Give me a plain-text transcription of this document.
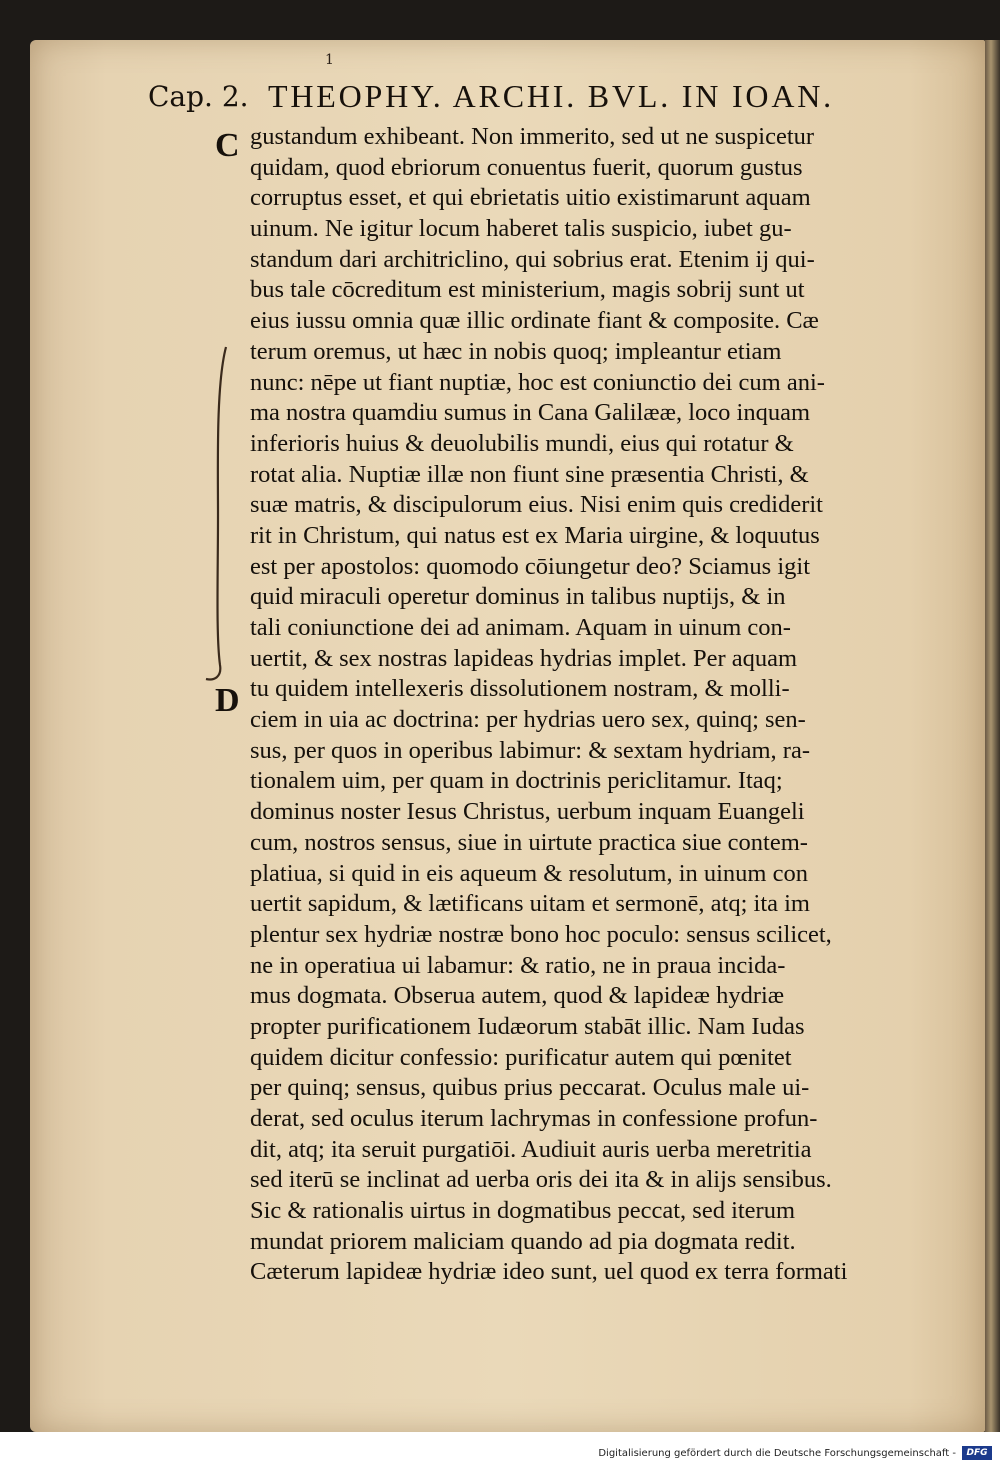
1
Cap. 2. THEOPHY. ARCHI. BVL. IN IOAN.
C
D
gustandum exhibeant. Non immerito, sed ut ne suspicetur
quidam, quod ebriorum conuentus fuerit, quorum gustus
corruptus esset, et qui ebrietatis uitio existimarunt aquam
uinum. Ne igitur locum haberet talis suspicio, iubet gu-
standum dari architriclino, qui sobrius erat. Etenim ij qui-
bus tale cōcreditum est ministerium, magis sobrij sunt ut
eius iussu omnia quæ illic ordinate fiant & composite. Cæ
terum oremus, ut hæc in nobis quoq; impleantur etiam
nunc: nēpe ut fiant nuptiæ, hoc est coniunctio dei cum ani-
ma nostra quamdiu sumus in Cana Galilææ, loco inquam
inferioris huius & deuolubilis mundi, eius qui rotatur &
rotat alia. Nuptiæ illæ non fiunt sine præsentia Christi, &
suæ matris, & discipulorum eius. Nisi enim quis crediderit
rit in Christum, qui natus est ex Maria uirgine, & loquutus
est per apostolos: quomodo cōiungetur deo? Sciamus igit
quid miraculi operetur dominus in talibus nuptijs, & in
tali coniunctione dei ad animam. Aquam in uinum con-
uertit, & sex nostras lapideas hydrias implet. Per aquam
tu quidem intellexeris dissolutionem nostram, & molli-
ciem in uia ac doctrina: per hydrias uero sex, quinq; sen-
sus, per quos in operibus labimur: & sextam hydriam, ra-
tionalem uim, per quam in doctrinis periclitamur. Itaq;
dominus noster Iesus Christus, uerbum inquam Euangeli
cum, nostros sensus, siue in uirtute practica siue contem-
platiua, si quid in eis aqueum & resolutum, in uinum con
uertit sapidum, & lætificans uitam et sermonē, atq; ita im
plentur sex hydriæ nostræ bono hoc poculo: sensus scilicet,
ne in operatiua ui labamur: & ratio, ne in praua incida-
mus dogmata. Obserua autem, quod & lapideæ hydriæ
propter purificationem Iudæorum stabāt illic. Nam Iudas
quidem dicitur confessio: purificatur autem qui pœnitet
per quinq; sensus, quibus prius peccarat. Oculus male ui-
derat, sed oculus iterum lachrymas in confessione profun-
dit, atq; ita seruit purgatiōi. Audiuit auris uerba meretritia
sed iterū se inclinat ad uerba oris dei ita & in alijs sensibus.
Sic & rationalis uirtus in dogmatibus peccat, sed iterum
mundat priorem maliciam quando ad pia dogmata redit.
Cæterum lapideæ hydriæ ideo sunt, uel quod ex terra formati
Digitalisierung gefördert durch die Deutsche Forschungsgemeinschaft -	DFG
